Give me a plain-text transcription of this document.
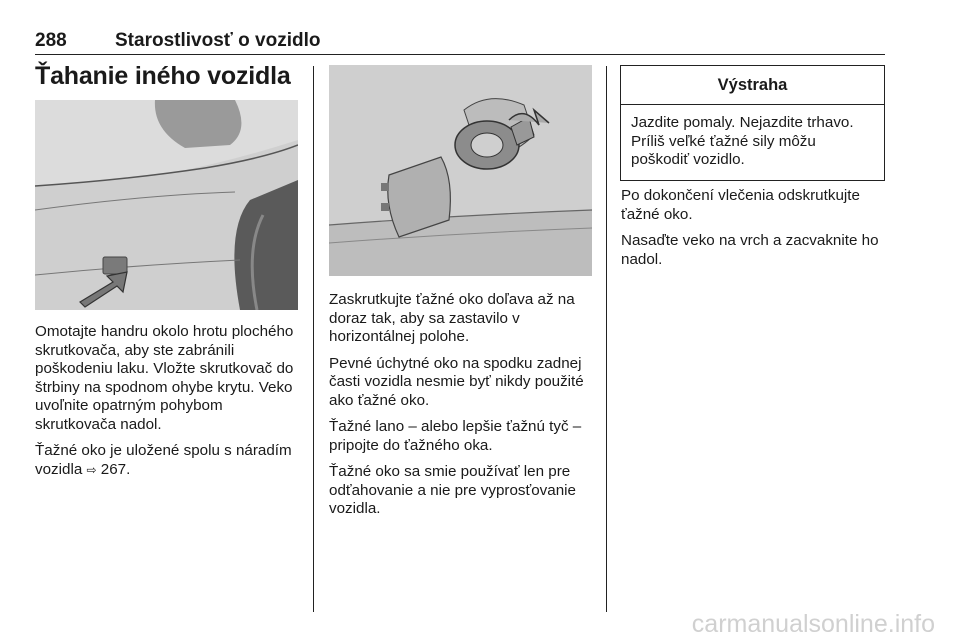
288	Starostlivosť o vozidlo
Ťahanie iného vozidla

Omotajte handru okolo hrotu plochého skrutkovača, aby ste zabránili poškodeniu laku. Vložte skrutkovač do štrbiny na spodnom ohybe krytu. Veko uvoľnite opatrným pohybom skrutkovača nadol.

Ťažné oko je uložené spolu s náradím vozidla ⇨ 267.

Zaskrutkujte ťažné oko doľava až na doraz tak, aby sa zastavilo v horizontálnej polohe.

Pevné úchytné oko na spodku zadnej časti vozidla nesmie byť nikdy použité ako ťažné oko.

Ťažné lano – alebo lepšie ťažnú tyč – pripojte do ťažného oka.

Ťažné oko sa smie používať len pre odťahovanie a nie pre vyprosťovanie vozidla.

Výstraha
Jazdite pomaly. Nejazdite trhavo. Príliš veľké ťažné sily môžu poškodiť vozidlo.

Po dokončení vlečenia odskrutkujte ťažné oko.

Nasaďte veko na vrch a zacvaknite ho nadol.

carmanualsonline.info
